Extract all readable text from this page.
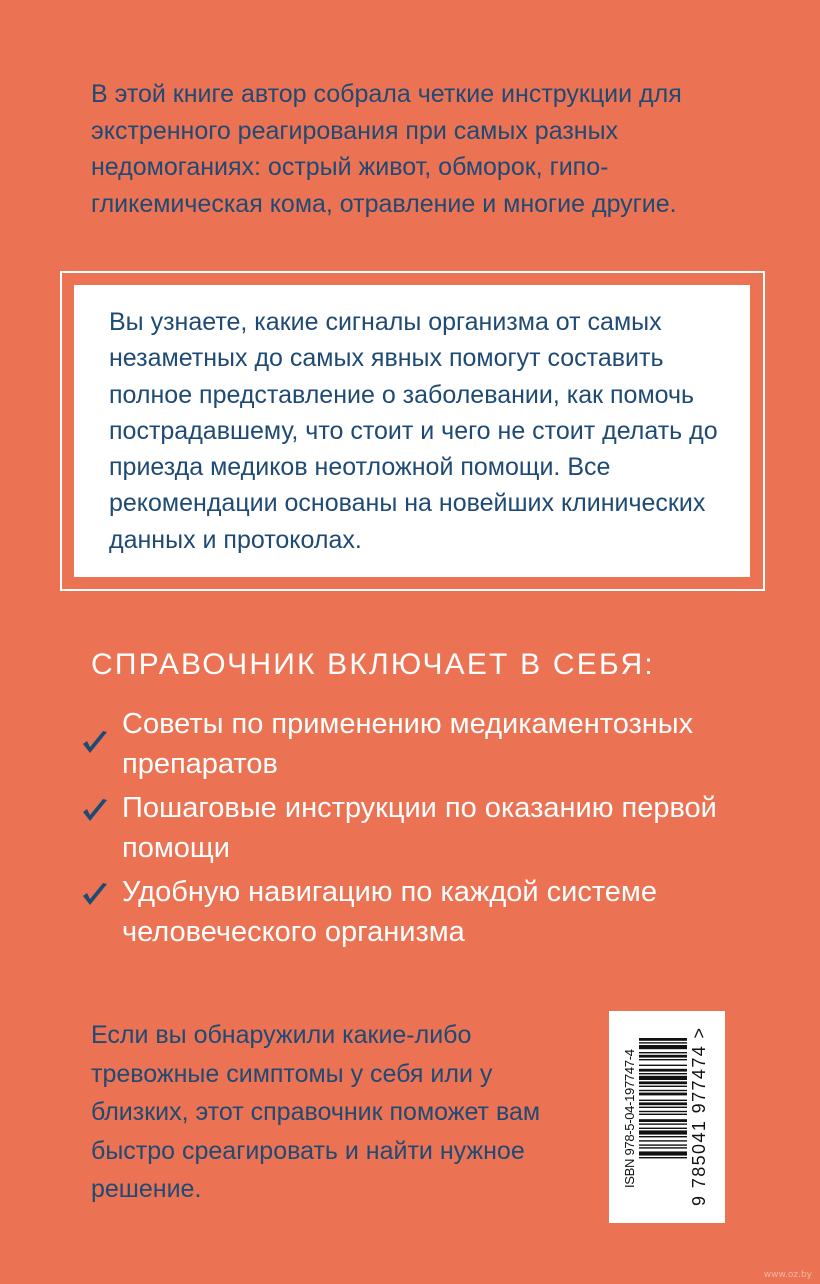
В этой книге автор собрала четкие инструкции для экстренного реагирования при самых разных недомоганиях: острый живот, обморок, гипо-гликемическая кома, отравление и многие другие.

Вы узнаете, какие сигналы организма от самых незаметных до самых явных помогут составить полное представление о заболевании, как помочь пострадавшему, что стоит и чего не стоит делать до приезда медиков неотложной помощи. Все рекомендации основаны на новейших клинических данных и протоколах.

СПРАВОЧНИК ВКЛЮЧАЕТ В СЕБЯ:
Советы по применению медикаментозных препаратов
Пошаговые инструкции по оказанию первой помощи
Удобную навигацию по каждой системе человеческого организма

Если вы обнаружили какие-либо тревожные симптомы у себя или у близких, этот справочник поможет вам быстро среагировать и найти нужное решение.

ISBN 978-5-04-197747-4	9 785041 977474 >
www.oz.by
